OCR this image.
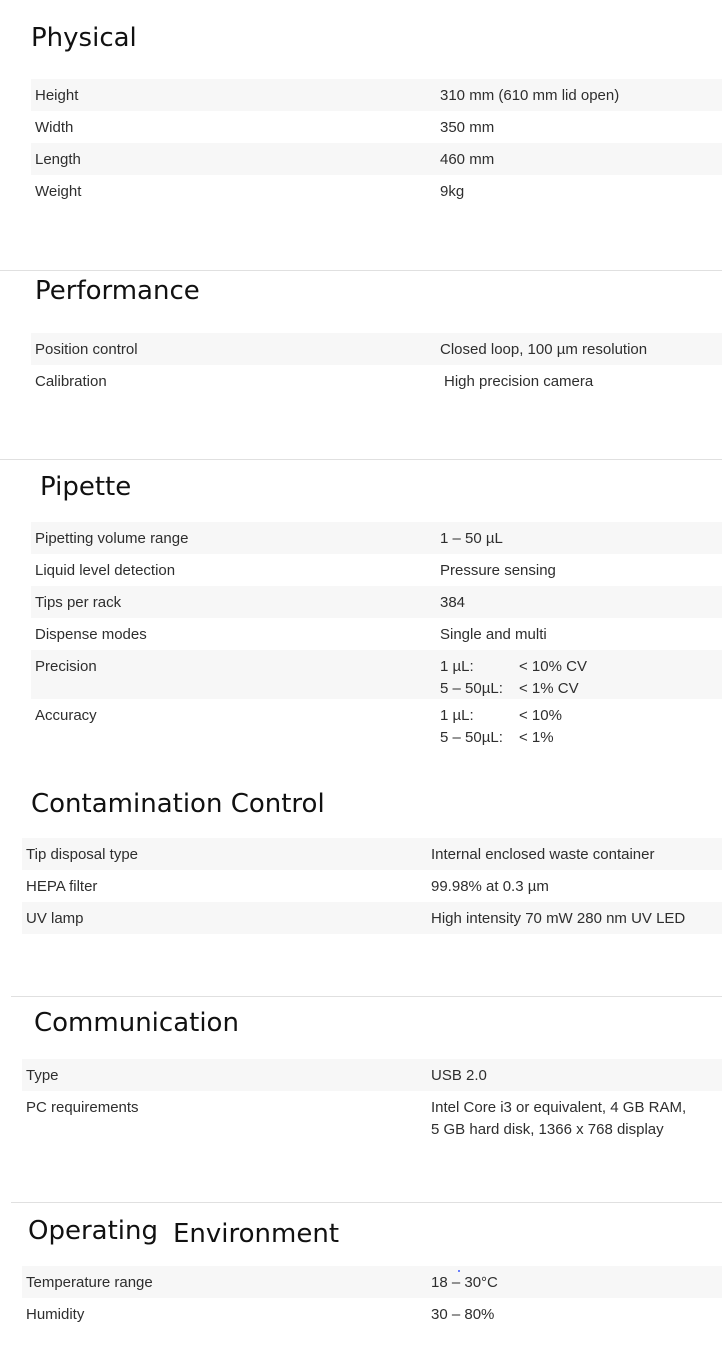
Physical
Height	310 mm (610 mm lid open)
Width	350 mm
Length	460 mm
Weight	9kg
Performance
Position control	Closed loop, 100 µm resolution
Calibration	High precision camera
Pipette
Pipetting volume range	1 – 50 µL
Liquid level detection	Pressure sensing
Tips per rack	384
Dispense modes	Single and multi
Precision	1 µL:	< 10% CV
5 – 50µL: < 1% CV
Accuracy	1 µL:	< 10%
5 – 50µL: < 1%
Contamination Control
Tip disposal type	Internal enclosed waste container
HEPA filter	99.98% at 0.3 µm
UV lamp	High intensity 70 mW 280 nm UV LED
Communication
Type	USB 2.0
PC requirements	Intel Core i3 or equivalent, 4 GB RAM,
5 GB hard disk, 1366 x 768 display
Operating Environment
Temperature range	18 – 30°C
Humidity	30 – 80%
